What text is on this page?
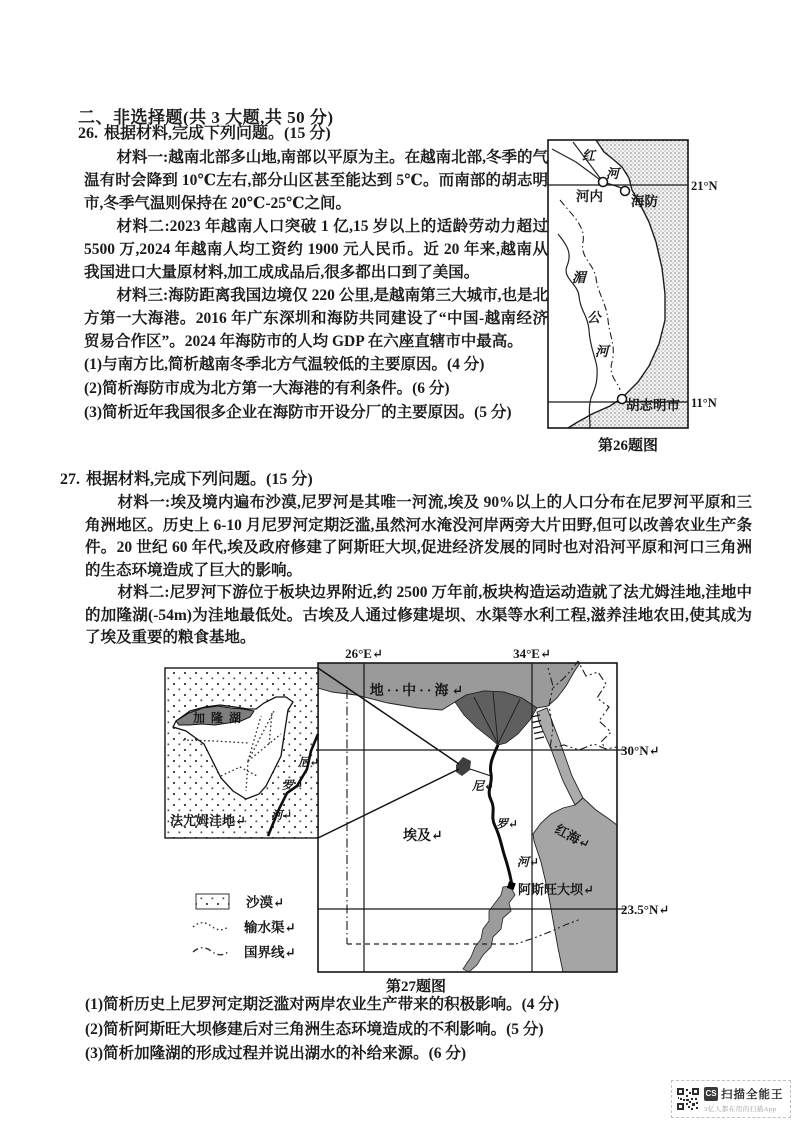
二、非选择题(共 3 大题,共 50 分)
26. 根据材料,完成下列问题。(15 分)

材料一:越南北部多山地,南部以平原为主。在越南北部,冬季的气温有时会降到 10℃左右,部分山区甚至能达到 5℃。而南部的胡志明市,冬季气温则保持在 20℃-25℃之间。

材料二:2023 年越南人口突破 1 亿,15 岁以上的适龄劳动力超过 5500 万,2024 年越南人均工资约 1900 元人民币。近 20 年来,越南从我国进口大量原材料,加工成成品后,很多都出口到了美国。

材料三:海防距离我国边境仅 220 公里,是越南第三大城市,也是北方第一大海港。2016 年广东深圳和海防共同建设了“中国-越南经济贸易合作区”。2024 年海防市的人均 GDP 在六座直辖市中最高。

(1)与南方比,简析越南冬季北方气温较低的主要原因。(4 分)
(2)简析海防市成为北方第一大海港的有利条件。(6 分)
(3)简析近年我国很多企业在海防市开设分厂的主要原因。(5 分)
红
河
河内 海防
21°N
11°N
湄
公
河
胡志明市
第26题图
27. 根据材料,完成下列问题。(15 分)

材料一:埃及境内遍布沙漠,尼罗河是其唯一河流,埃及 90%以上的人口分布在尼罗河平原和三角洲地区。历史上 6-10 月尼罗河定期泛滥,虽然河水淹没河岸两旁大片田野,但可以改善农业生产条件。20 世纪 60 年代,埃及政府修建了阿斯旺大坝,促进经济发展的同时也对沿河平原和河口三角洲的生态环境造成了巨大的影响。

材料二:尼罗河下游位于板块边界附近,约 2500 万年前,板块构造运动造就了法尤姆洼地,洼地中的加隆湖(-54m)为洼地最低处。古埃及人通过修建堤坝、水渠等水利工程,滋养洼地农田,使其成为了埃及重要的粮食基地。

26°E↵	34°E↵
30°N↵
23.5°N↵
地··中··海↵
埃及↵	红海↵
阿斯旺大坝↵
尼↵
罗↵
河↵
第27题图
加隆湖
尼↵
罗↵
河↵
法尤姆洼地↵
沙漠↵
输水渠↵
国界线↵
(1)简析历史上尼罗河定期泛滥对两岸农业生产带来的积极影响。(4 分)
(2)简析阿斯旺大坝修建后对三角洲生态环境造成的不利影响。(5 分)
(3)简析加隆湖的形成过程并说出湖水的补给来源。(6 分)
CS 扫描全能王
3亿人都在用的扫描App
